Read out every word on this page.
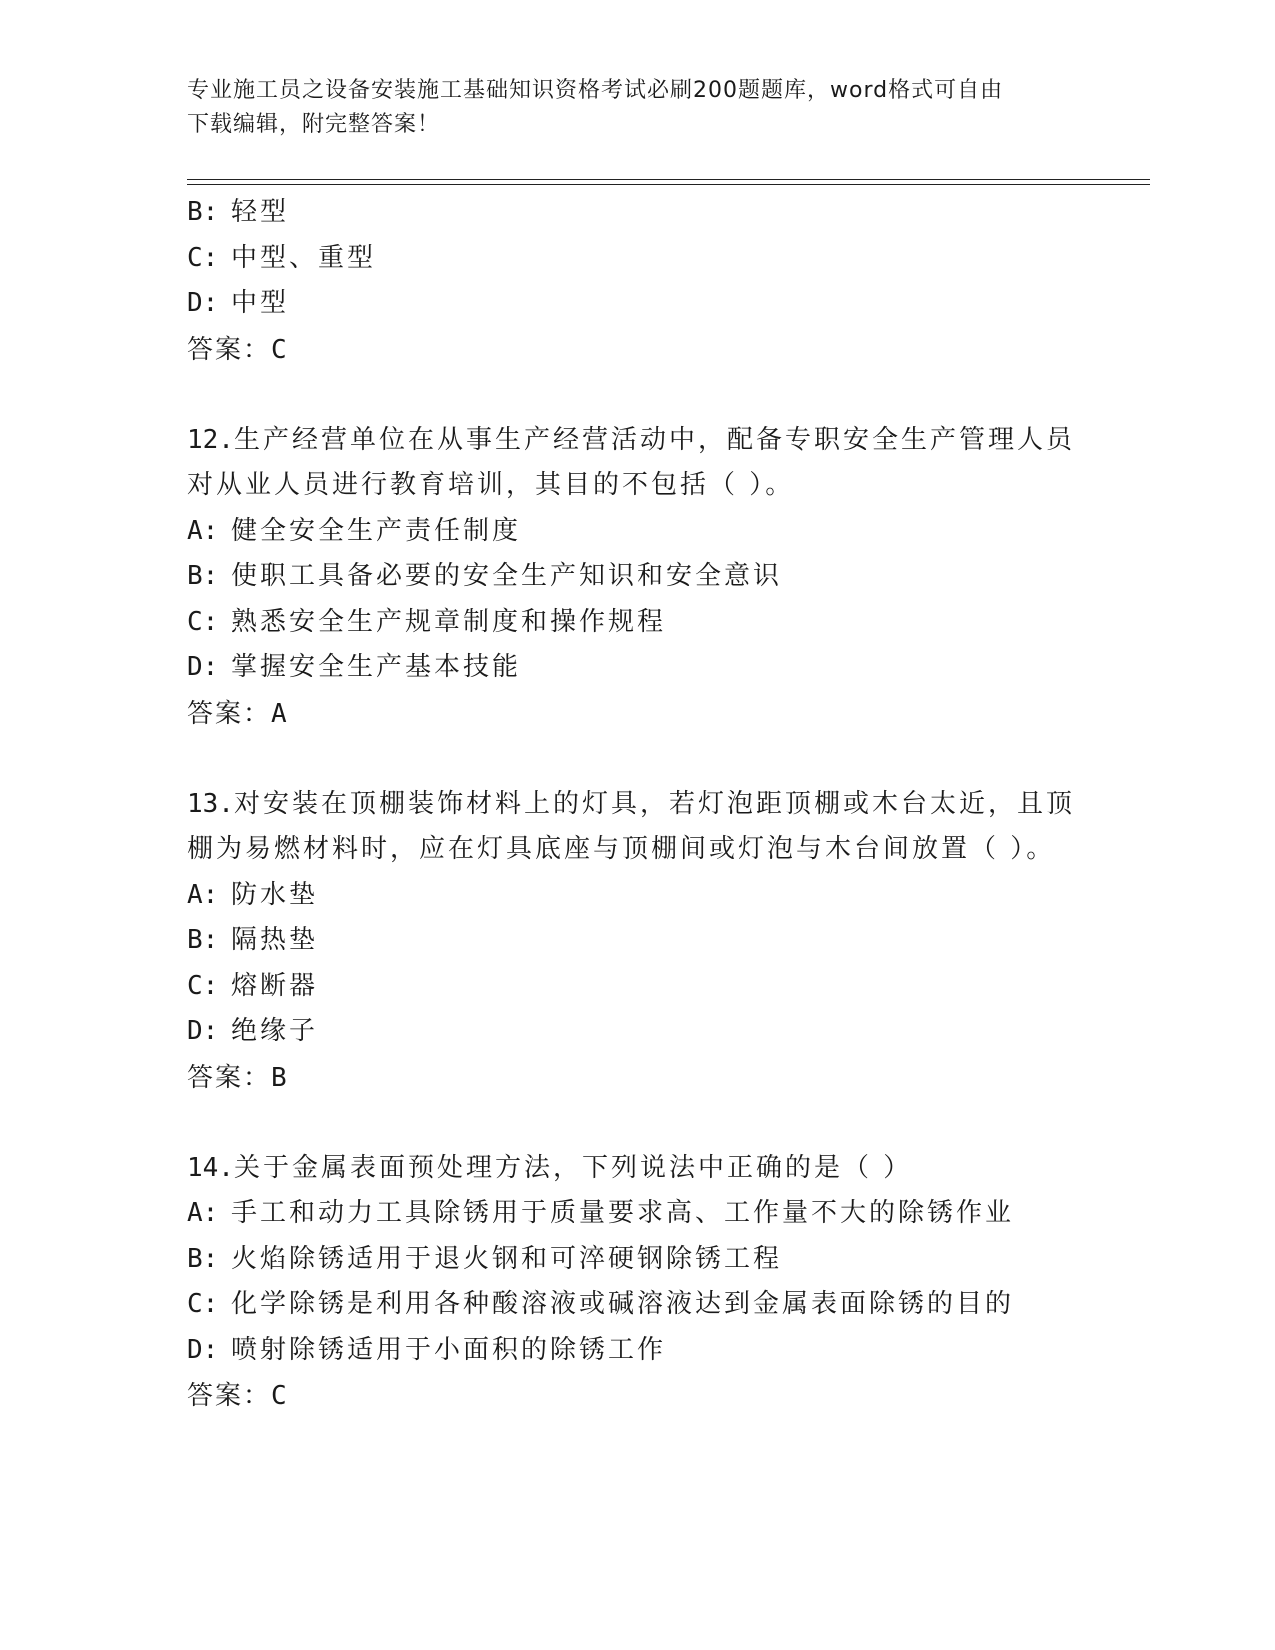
专业施工员之设备安装施工基础知识资格考试必刷200题题库，word格式可自由
下载编辑，附完整答案！
B: 轻型
C: 中型、重型
D: 中型
答案：C
12.生产经营单位在从事生产经营活动中，配备专职安全生产管理人员
对从业人员进行教育培训，其目的不包括（ ）。
A: 健全安全生产责任制度
B: 使职工具备必要的安全生产知识和安全意识
C: 熟悉安全生产规章制度和操作规程
D: 掌握安全生产基本技能
答案：A
13.对安装在顶棚装饰材料上的灯具，若灯泡距顶棚或木台太近，且顶
棚为易燃材料时，应在灯具底座与顶棚间或灯泡与木台间放置（ ）。
A: 防水垫
B: 隔热垫
C: 熔断器
D: 绝缘子
答案：B
14.关于金属表面预处理方法，下列说法中正确的是（ ）
A: 手工和动力工具除锈用于质量要求高、工作量不大的除锈作业
B: 火焰除锈适用于退火钢和可淬硬钢除锈工程
C: 化学除锈是利用各种酸溶液或碱溶液达到金属表面除锈的目的
D: 喷射除锈适用于小面积的除锈工作
答案：C
